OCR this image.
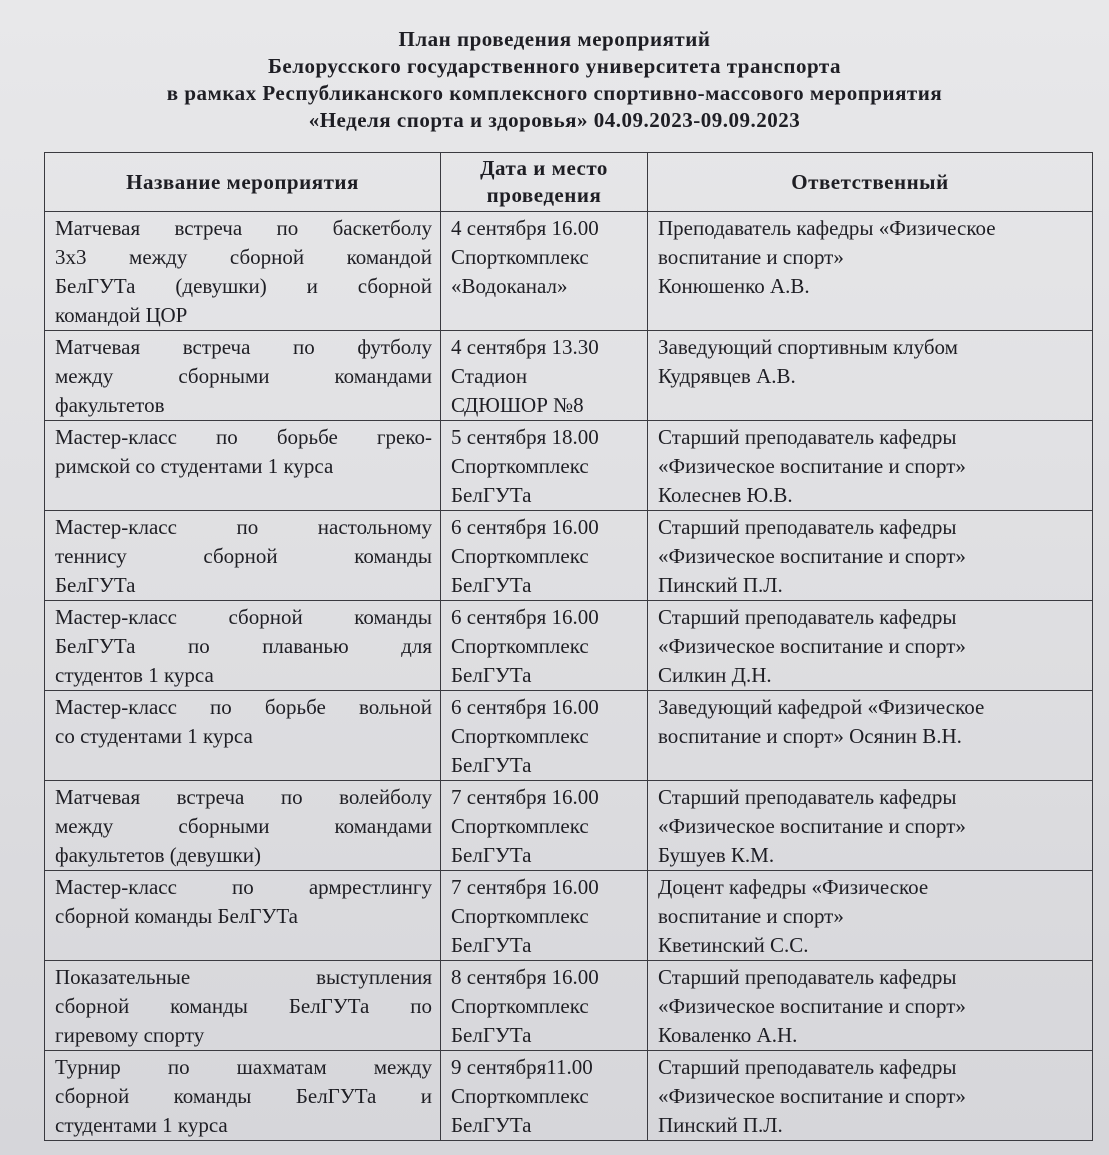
План проведения мероприятий
Белорусского государственного университета транспорта
в рамках Республиканского комплексного спортивно-массового мероприятия
«Неделя спорта и здоровья» 04.09.2023-09.09.2023
Название мероприятия	Дата и место проведения	Ответственный

Матчевая встреча по баскетболу
3х3 между сборной командой
БелГУТа (девушки) и сборной
командой ЦОР	4 сентября 16.00
Спорткомплекс
«Водоканал»	Преподаватель кафедры «Физическое
воспитание и спорт»
Конюшенко А.В.

Матчевая встреча по футболу
между сборными командами
факультетов	4 сентября 13.30
Стадион
СДЮШОР №8	Заведующий спортивным клубом
Кудрявцев А.В.

Мастер-класс по борьбе греко-
римской со студентами 1 курса	5 сентября 18.00
Спорткомплекс
БелГУТа	Старший преподаватель кафедры
«Физическое воспитание и спорт»
Колеснев Ю.В.

Мастер-класс по настольному
теннису сборной команды
БелГУТа	6 сентября 16.00
Спорткомплекс
БелГУТа	Старший преподаватель кафедры
«Физическое воспитание и спорт»
Пинский П.Л.

Мастер-класс сборной команды
БелГУТа по плаванью для
студентов 1 курса	6 сентября 16.00
Спорткомплекс
БелГУТа	Старший преподаватель кафедры
«Физическое воспитание и спорт»
Силкин Д.Н.

Мастер-класс по борьбе вольной
со студентами 1 курса	6 сентября 16.00
Спорткомплекс
БелГУТа	Заведующий кафедрой «Физическое
воспитание и спорт» Осянин В.Н.

Матчевая встреча по волейболу
между сборными командами
факультетов (девушки)	7 сентября 16.00
Спорткомплекс
БелГУТа	Старший преподаватель кафедры
«Физическое воспитание и спорт»
Бушуев К.М.

Мастер-класс по армрестлингу
сборной команды БелГУТа	7 сентября 16.00
Спорткомплекс
БелГУТа	Доцент кафедры «Физическое
воспитание и спорт»
Кветинский С.С.

Показательные выступления
сборной команды БелГУТа по
гиревому спорту	8 сентября 16.00
Спорткомплекс
БелГУТа	Старший преподаватель кафедры
«Физическое воспитание и спорт»
Коваленко А.Н.

Турнир по шахматам между
сборной команды БелГУТа и
студентами 1 курса	9 сентября11.00
Спорткомплекс
БелГУТа	Старший преподаватель кафедры
«Физическое воспитание и спорт»
Пинский П.Л.
